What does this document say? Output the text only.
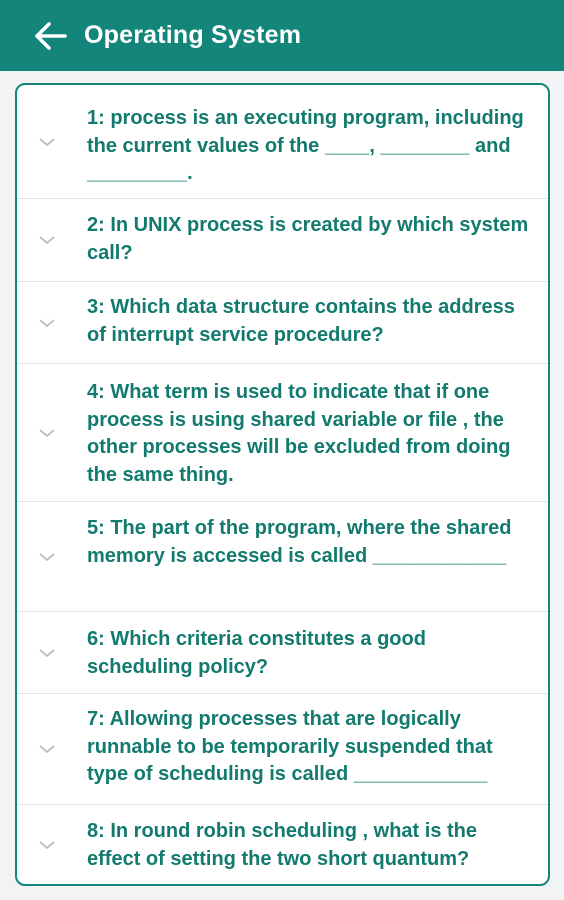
Operating System
1: process is an executing program, including the current values of the ____, ________ and _________.
2: In UNIX process is created by which system call?
3: Which data structure contains the address of interrupt service procedure?
4: What term is used to indicate that if one process is using shared variable or file , the other processes will be excluded from doing the same thing.
5: The part of the program, where the shared memory is accessed is called ____________
6: Which criteria constitutes a good scheduling policy?
7: Allowing processes that are logically runnable to be temporarily suspended that type of scheduling is called ____________
8: In round robin scheduling , what is the effect of setting the two short quantum?
